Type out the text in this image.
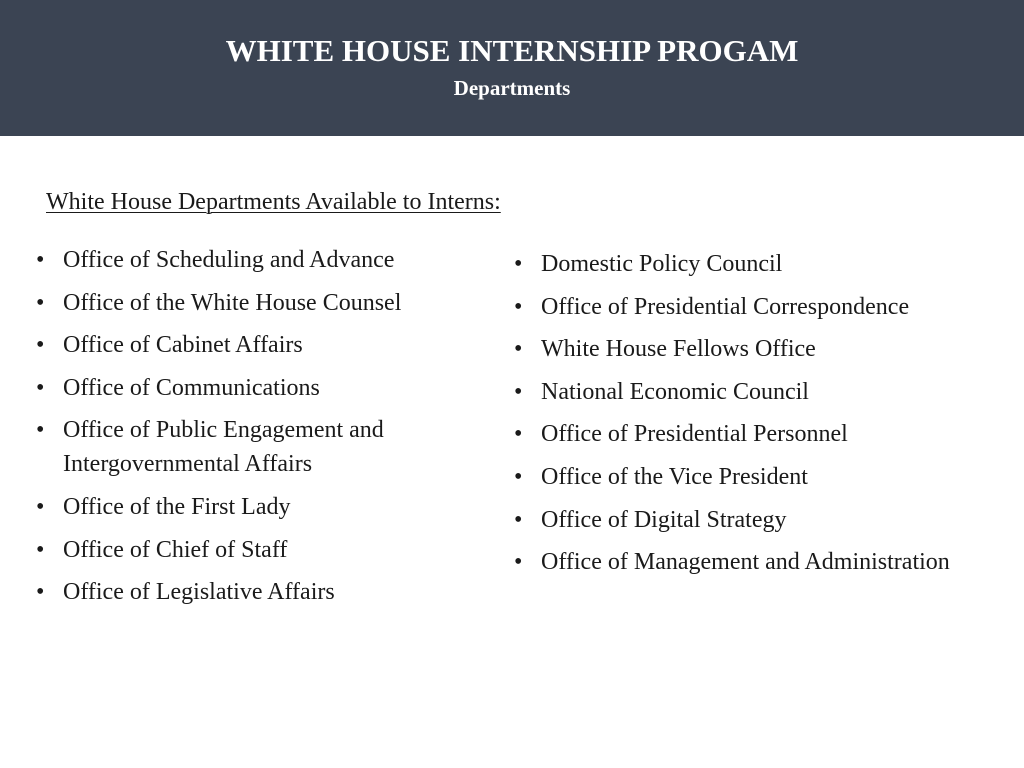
WHITE HOUSE INTERNSHIP PROGAM
Departments
White House Departments Available to Interns:
• Office of Scheduling and Advance
• Office of the White House Counsel
• Office of Cabinet Affairs
• Office of Communications
• Office of Public Engagement and Intergovernmental Affairs
• Office of the First Lady
• Office of Chief of Staff
• Office of Legislative Affairs
• Domestic Policy Council
• Office of Presidential Correspondence
• White House Fellows Office
• National Economic Council
• Office of Presidential Personnel
• Office of the Vice President
• Office of Digital Strategy
• Office of Management and Administration
